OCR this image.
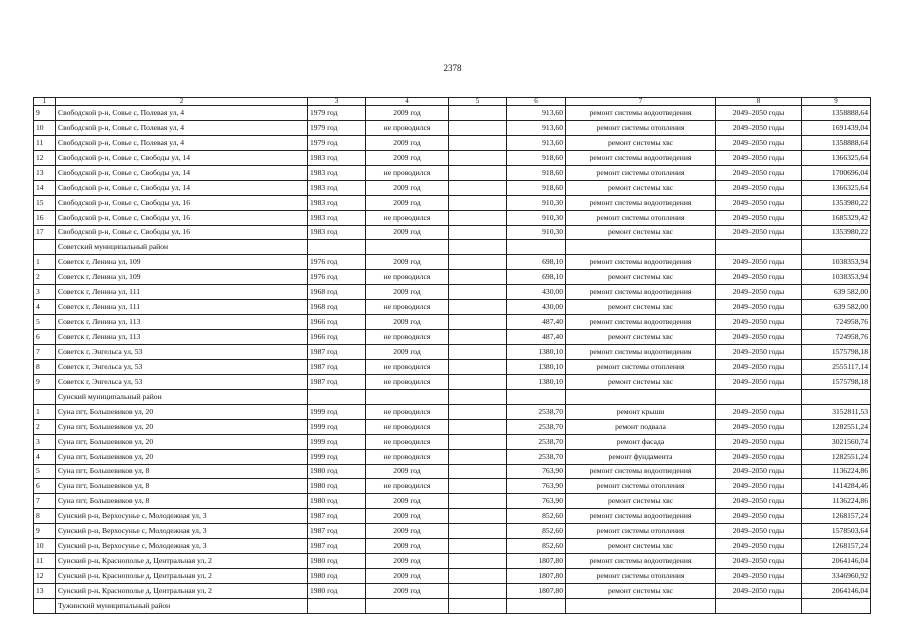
2378
1	2	3	4	5	6	7	8	9
9	Свободской р-н, Совье с, Полевая ул, 4	1979 год	2009 год		913,60	ремонт системы водоотведения	2049–2050 годы	1358888,64
10	Свободской р-н, Совье с, Полевая ул, 4	1979 год	не проводился		913,60	ремонт системы отопления	2049–2050 годы	1691439,04
11	Свободской р-н, Совье с, Полевая ул, 4	1979 год	2009 год		913,60	ремонт системы хвс	2049–2050 годы	1358888,64
12	Свободской р-н, Совье с, Свободы ул, 14	1983 год	2009 год		918,60	ремонт системы водоотведения	2049–2050 годы	1366325,64
13	Свободской р-н, Совье с, Свободы ул, 14	1983 год	не проводился		918,60	ремонт системы отопления	2049–2050 годы	1700696,04
14	Свободской р-н, Совье с, Свободы ул, 14	1983 год	2009 год		918,60	ремонт системы хвс	2049–2050 годы	1366325,64
15	Свободской р-н, Совье с, Свободы ул, 16	1983 год	2009 год		910,30	ремонт системы водоотведения	2049–2050 годы	1353980,22
16	Свободской р-н, Совье с, Свободы ул, 16	1983 год	не проводился		910,30	ремонт системы отопления	2049–2050 годы	1685329,42
17	Свободской р-н, Совье с, Свободы ул, 16	1983 год	2009 год		910,30	ремонт системы хвс	2049–2050 годы	1353980,22
	Советский муниципальный район							
1	Советск г, Ленина ул, 109	1976 год	2009 год		698,10	ремонт системы водоотведения	2049–2050 годы	1038353,94
2	Советск г, Ленина ул, 109	1976 год	не проводился		698,10	ремонт системы хвс	2049–2050 годы	1038353,94
3	Советск г, Ленина ул, 111	1968 год	2009 год		430,00	ремонт системы водоотведения	2049–2050 годы	639 582,00
4	Советск г, Ленина ул, 111	1968 год	не проводился		430,00	ремонт системы хвс	2049–2050 годы	639 582,00
5	Советск г, Ленина ул, 113	1966 год	2009 год		487,40	ремонт системы водоотведения	2049–2050 годы	724958,76
6	Советск г, Ленина ул, 113	1966 год	не проводился		487,40	ремонт системы хвс	2049–2050 годы	724958,76
7	Советск г, Энгельса ул, 53	1987 год	2009 год		1380,10	ремонт системы водоотведения	2049–2050 годы	1575798,18
8	Советск г, Энгельса ул, 53	1987 год	не проводился		1380,10	ремонт системы отопления	2049–2050 годы	2555117,14
9	Советск г, Энгельса ул, 53	1987 год	не проводился		1380,10	ремонт системы хвс	2049–2050 годы	1575798,18
	Сунский муниципальный район							
1	Суна пгт, Большевиков ул, 20	1999 год	не проводился		2538,70	ремонт крыши	2049–2050 годы	3152811,53
2	Суна пгт, Большевиков ул, 20	1999 год	не проводился		2538,70	ремонт подвала	2049–2050 годы	1282551,24
3	Суна пгт, Большевиков ул, 20	1999 год	не проводился		2538,70	ремонт фасада	2049–2050 годы	3021560,74
4	Суна пгт, Большевиков ул, 20	1999 год	не проводился		2538,70	ремонт фундамента	2049–2050 годы	1282551,24
5	Суна пгт, Большевиков ул, 8	1980 год	2009 год		763,90	ремонт системы водоотведения	2049–2050 годы	1136224,86
6	Суна пгт, Большевиков ул, 8	1980 год	не проводился		763,90	ремонт системы отопления	2049–2050 годы	1414284,46
7	Суна пгт, Большевиков ул, 8	1980 год	2009 год		763,90	ремонт системы хвс	2049–2050 годы	1136224,86
8	Сунский р-н, Верхосунье с, Молодежная ул, 3	1987 год	2009 год		852,60	ремонт системы водоотведения	2049–2050 годы	1268157,24
9	Сунский р-н, Верхосунье с, Молодежная ул, 3	1987 год	2009 год		852,60	ремонт системы отопления	2049–2050 годы	1578503,64
10	Сунский р-н, Верхосунье с, Молодежная ул, 3	1987 год	2009 год		852,60	ремонт системы хвс	2049–2050 годы	1268157,24
11	Сунский р-н, Краснополье д, Центральная ул, 2	1980 год	2009 год		1807,80	ремонт системы водоотведения	2049–2050 годы	2064146,04
12	Сунский р-н, Краснополье д, Центральная ул, 2	1980 год	2009 год		1807,80	ремонт системы отопления	2049–2050 годы	3346960,92
13	Сунский р-н, Краснополье д, Центральная ул, 2	1980 год	2009 год		1807,80	ремонт системы хвс	2049–2050 годы	2064146,04
	Тужинский муниципальный район							
